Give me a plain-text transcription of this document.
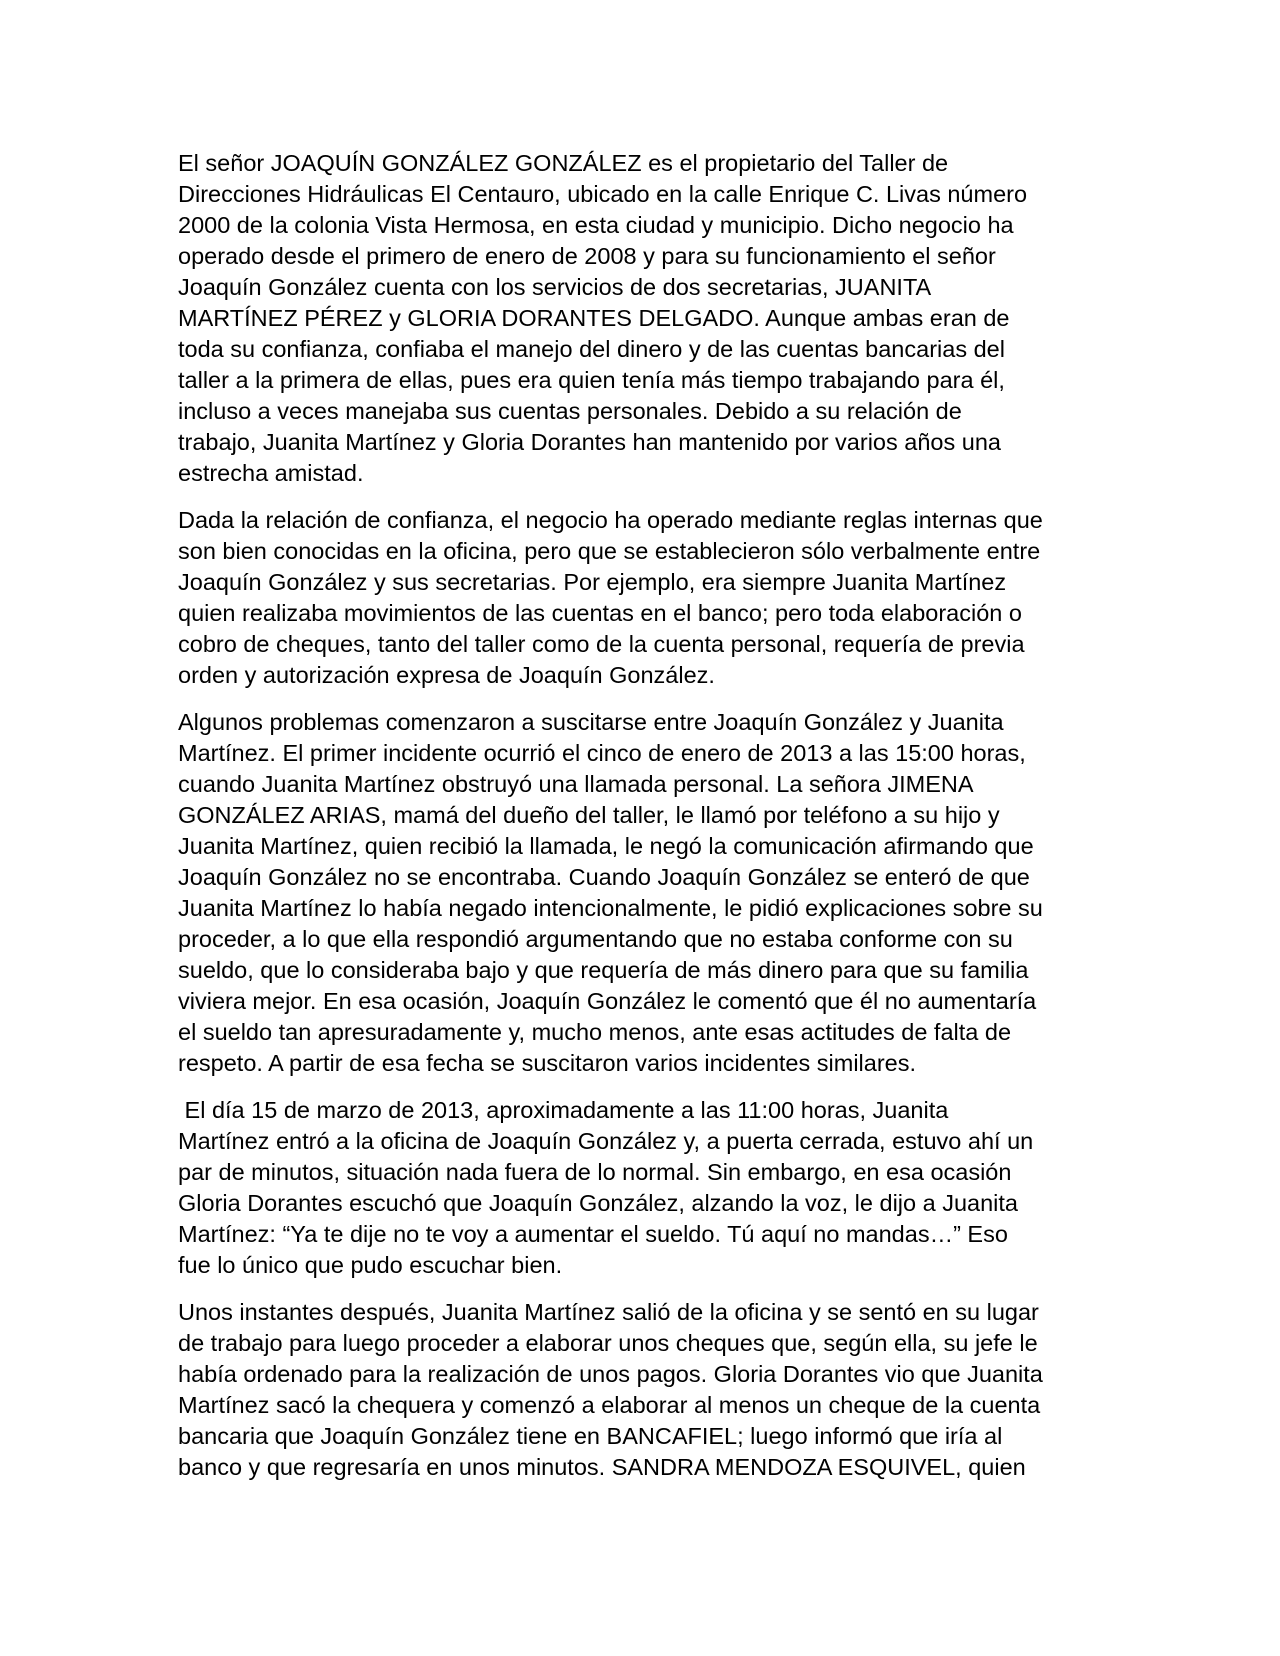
El señor JOAQUÍN GONZÁLEZ GONZÁLEZ es el propietario del Taller de
Direcciones Hidráulicas El Centauro, ubicado en la calle Enrique C. Livas número
2000 de la colonia Vista Hermosa, en esta ciudad y municipio. Dicho negocio ha
operado desde el primero de enero de 2008 y para su funcionamiento el señor
Joaquín González cuenta con los servicios de dos secretarias, JUANITA
MARTÍNEZ PÉREZ y GLORIA DORANTES DELGADO. Aunque ambas eran de
toda su confianza, confiaba el manejo del dinero y de las cuentas bancarias del
taller a la primera de ellas, pues era quien tenía más tiempo trabajando para él,
incluso a veces manejaba sus cuentas personales. Debido a su relación de
trabajo, Juanita Martínez y Gloria Dorantes han mantenido por varios años una
estrecha amistad.

Dada la relación de confianza, el negocio ha operado mediante reglas internas que
son bien conocidas en la oficina, pero que se establecieron sólo verbalmente entre
Joaquín González y sus secretarias. Por ejemplo, era siempre Juanita Martínez
quien realizaba movimientos de las cuentas en el banco; pero toda elaboración o
cobro de cheques, tanto del taller como de la cuenta personal, requería de previa
orden y autorización expresa de Joaquín González.

Algunos problemas comenzaron a suscitarse entre Joaquín González y Juanita
Martínez. El primer incidente ocurrió el cinco de enero de 2013 a las 15:00 horas,
cuando Juanita Martínez obstruyó una llamada personal. La señora JIMENA
GONZÁLEZ ARIAS, mamá del dueño del taller, le llamó por teléfono a su hijo y
Juanita Martínez, quien recibió la llamada, le negó la comunicación afirmando que
Joaquín González no se encontraba. Cuando Joaquín González se enteró de que
Juanita Martínez lo había negado intencionalmente, le pidió explicaciones sobre su
proceder, a lo que ella respondió argumentando que no estaba conforme con su
sueldo, que lo consideraba bajo y que requería de más dinero para que su familia
viviera mejor. En esa ocasión, Joaquín González le comentó que él no aumentaría
el sueldo tan apresuradamente y, mucho menos, ante esas actitudes de falta de
respeto. A partir de esa fecha se suscitaron varios incidentes similares.

El día 15 de marzo de 2013, aproximadamente a las 11:00 horas, Juanita
Martínez entró a la oficina de Joaquín González y, a puerta cerrada, estuvo ahí un
par de minutos, situación nada fuera de lo normal. Sin embargo, en esa ocasión
Gloria Dorantes escuchó que Joaquín González, alzando la voz, le dijo a Juanita
Martínez: “Ya te dije no te voy a aumentar el sueldo. Tú aquí no mandas…” Eso
fue lo único que pudo escuchar bien.

Unos instantes después, Juanita Martínez salió de la oficina y se sentó en su lugar
de trabajo para luego proceder a elaborar unos cheques que, según ella, su jefe le
había ordenado para la realización de unos pagos. Gloria Dorantes vio que Juanita
Martínez sacó la chequera y comenzó a elaborar al menos un cheque de la cuenta
bancaria que Joaquín González tiene en BANCAFIEL; luego informó que iría al
banco y que regresaría en unos minutos. SANDRA MENDOZA ESQUIVEL, quien
